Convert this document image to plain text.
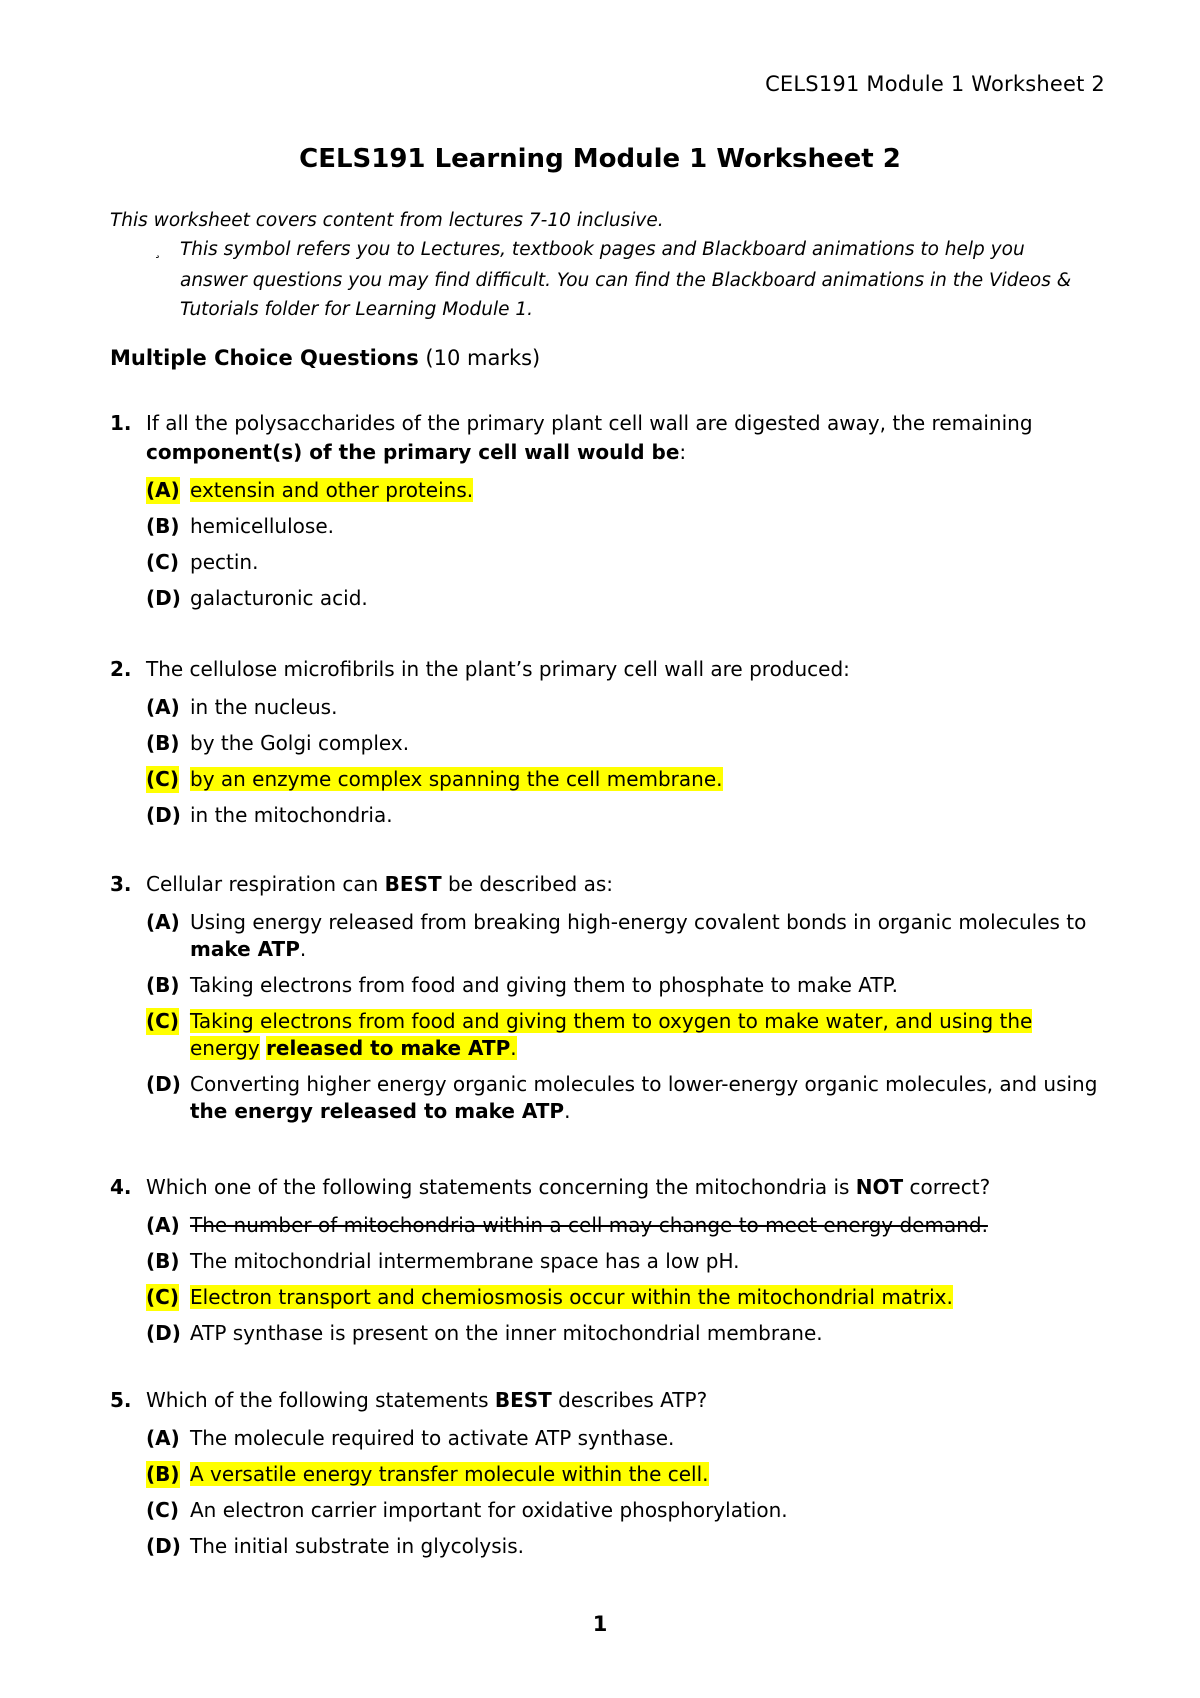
CELS191 Module 1 Worksheet 2
CELS191 Learning Module 1 Worksheet 2

This worksheet covers content from lectures 7-10 inclusive.

¸ This symbol refers you to Lectures, textbook pages and Blackboard animations to help you answer questions you may find difficult. You can find the Blackboard animations in the Videos & Tutorials folder for Learning Module 1.

Multiple Choice Questions (10 marks)
1. If all the polysaccharides of the primary plant cell wall are digested away, the remaining component(s) of the primary cell wall would be:
(A) extensin and other proteins.
(B) hemicellulose.
(C) pectin.
(D) galacturonic acid.
2. The cellulose microfibrils in the plant’s primary cell wall are produced:
(A) in the nucleus.
(B) by the Golgi complex.
(C) by an enzyme complex spanning the cell membrane.
(D) in the mitochondria.
3. Cellular respiration can BEST be described as:
(A) Using energy released from breaking high-energy covalent bonds in organic molecules to make ATP.
(B) Taking electrons from food and giving them to phosphate to make ATP.
(C) Taking electrons from food and giving them to oxygen to make water, and using the energy released to make ATP.
(D) Converting higher energy organic molecules to lower-energy organic molecules, and using the energy released to make ATP.
4. Which one of the following statements concerning the mitochondria is NOT correct?
(A) The number of mitochondria within a cell may change to meet energy demand.
(B) The mitochondrial intermembrane space has a low pH.
(C) Electron transport and chemiosmosis occur within the mitochondrial matrix.
(D) ATP synthase is present on the inner mitochondrial membrane.
5. Which of the following statements BEST describes ATP?
(A) The molecule required to activate ATP synthase.
(B) A versatile energy transfer molecule within the cell.
(C) An electron carrier important for oxidative phosphorylation.
(D) The initial substrate in glycolysis.
1
